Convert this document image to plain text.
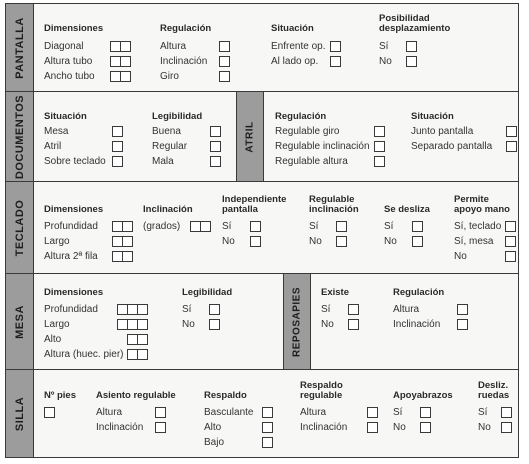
PANTALLA
DOCUMENTOS
TECLADO
MESA
SILLA
Dimensiones
Diagonal
Altura tubo
Ancho tubo
Regulación
Altura
Inclinación
Giro
Situación
Enfrente op.
Al lado op.
Posibilidad
desplazamiento
Sí
No
Situación
Mesa
Atril
Sobre teclado
Legibilidad
Buena
Regular
Mala
ATRIL
Regulación
Regulable giro
Regulable inclinación
Regulable altura
Situación
Junto pantalla
Separado pantalla
Dimensiones
Profundidad
Largo
Altura 2ª fila
Inclinación
(grados)
Independiente
pantalla
Sí
No
Regulable
inclinación
Sí
No
Se desliza
Sí
No
Permite
apoyo mano
Sí, teclado
Sí, mesa
No
Dimensiones
Profundidad
Largo
Alto
Altura (huec. pier)
Legibilidad
Sí
No	REPOSAPIES Existe
Sí
No
Regulación
Altura
Inclinación
Nº pies Asiento regulable
Altura
Inclinación
Respaldo
Basculante
Alto
Bajo
Respaldo
regulable
Altura
Inclinación
Apoyabrazos
Sí
No
Desliz.
ruedas
Sí
No
